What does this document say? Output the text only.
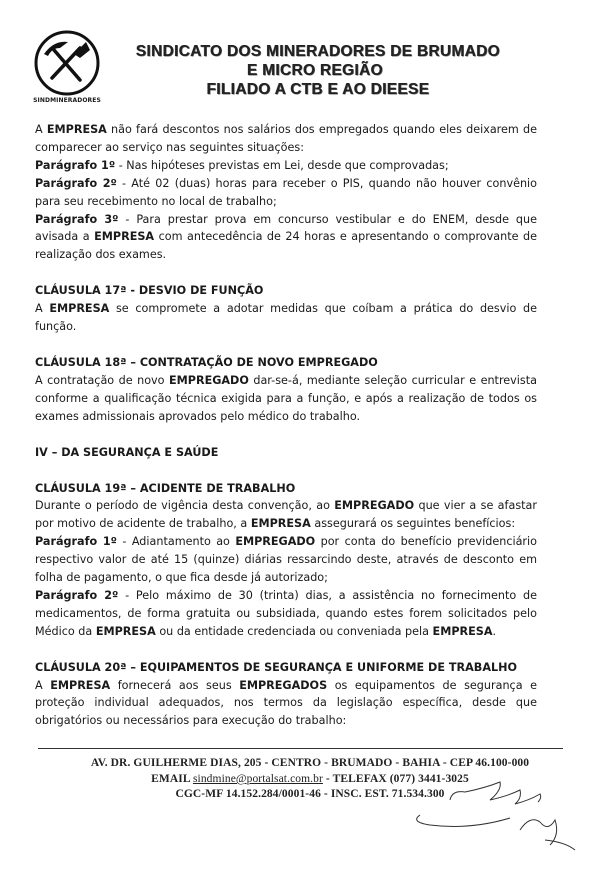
SINDMINERADORES
SINDICATO DOS MINERADORES DE BRUMADO
E MICRO REGIÃO
FILIADO A CTB E AO DIEESE

A EMPRESA não fará descontos nos salários dos empregados quando eles deixarem de comparecer ao serviço nas seguintes situações:

Parágrafo 1º - Nas hipóteses previstas em Lei, desde que comprovadas;

Parágrafo 2º - Até 02 (duas) horas para receber o PIS, quando não houver convênio para seu recebimento no local de trabalho;

Parágrafo 3º - Para prestar prova em concurso vestibular e do ENEM, desde que avisada a EMPRESA com antecedência de 24 horas e apresentando o comprovante de realização dos exames.

CLÁUSULA 17ª - DESVIO DE FUNÇÃO

A EMPRESA se compromete a adotar medidas que coíbam a prática do desvio de função.

CLÁUSULA 18ª – CONTRATAÇÃO DE NOVO EMPREGADO

A contratação de novo EMPREGADO dar-se-á, mediante seleção curricular e entrevista conforme a qualificação técnica exigida para a função, e após a realização de todos os exames admissionais aprovados pelo médico do trabalho.

IV – DA SEGURANÇA E SAÚDE

CLÁUSULA 19ª – ACIDENTE DE TRABALHO

Durante o período de vigência desta convenção, ao EMPREGADO que vier a se afastar por motivo de acidente de trabalho, a EMPRESA assegurará os seguintes benefícios:

Parágrafo 1º - Adiantamento ao EMPREGADO por conta do benefício previdenciário respectivo valor de até 15 (quinze) diárias ressarcindo deste, através de desconto em folha de pagamento, o que fica desde já autorizado;

Parágrafo 2º - Pelo máximo de 30 (trinta) dias, a assistência no fornecimento de medicamentos, de forma gratuita ou subsidiada, quando estes forem solicitados pelo Médico da EMPRESA ou da entidade credenciada ou conveniada pela EMPRESA.

CLÁUSULA 20ª – EQUIPAMENTOS DE SEGURANÇA E UNIFORME DE TRABALHO

A EMPRESA fornecerá aos seus EMPREGADOS os equipamentos de segurança e proteção individual adequados, nos termos da legislação específica, desde que obrigatórios ou necessários para execução do trabalho:

AV. DR. GUILHERME DIAS, 205 - CENTRO - BRUMADO - BAHIA - CEP 46.100-000
EMAIL sindmine@portalsat.com.br - TELEFAX (077) 3441-3025
CGC-MF 14.152.284/0001-46 - INSC. EST. 71.534.300
